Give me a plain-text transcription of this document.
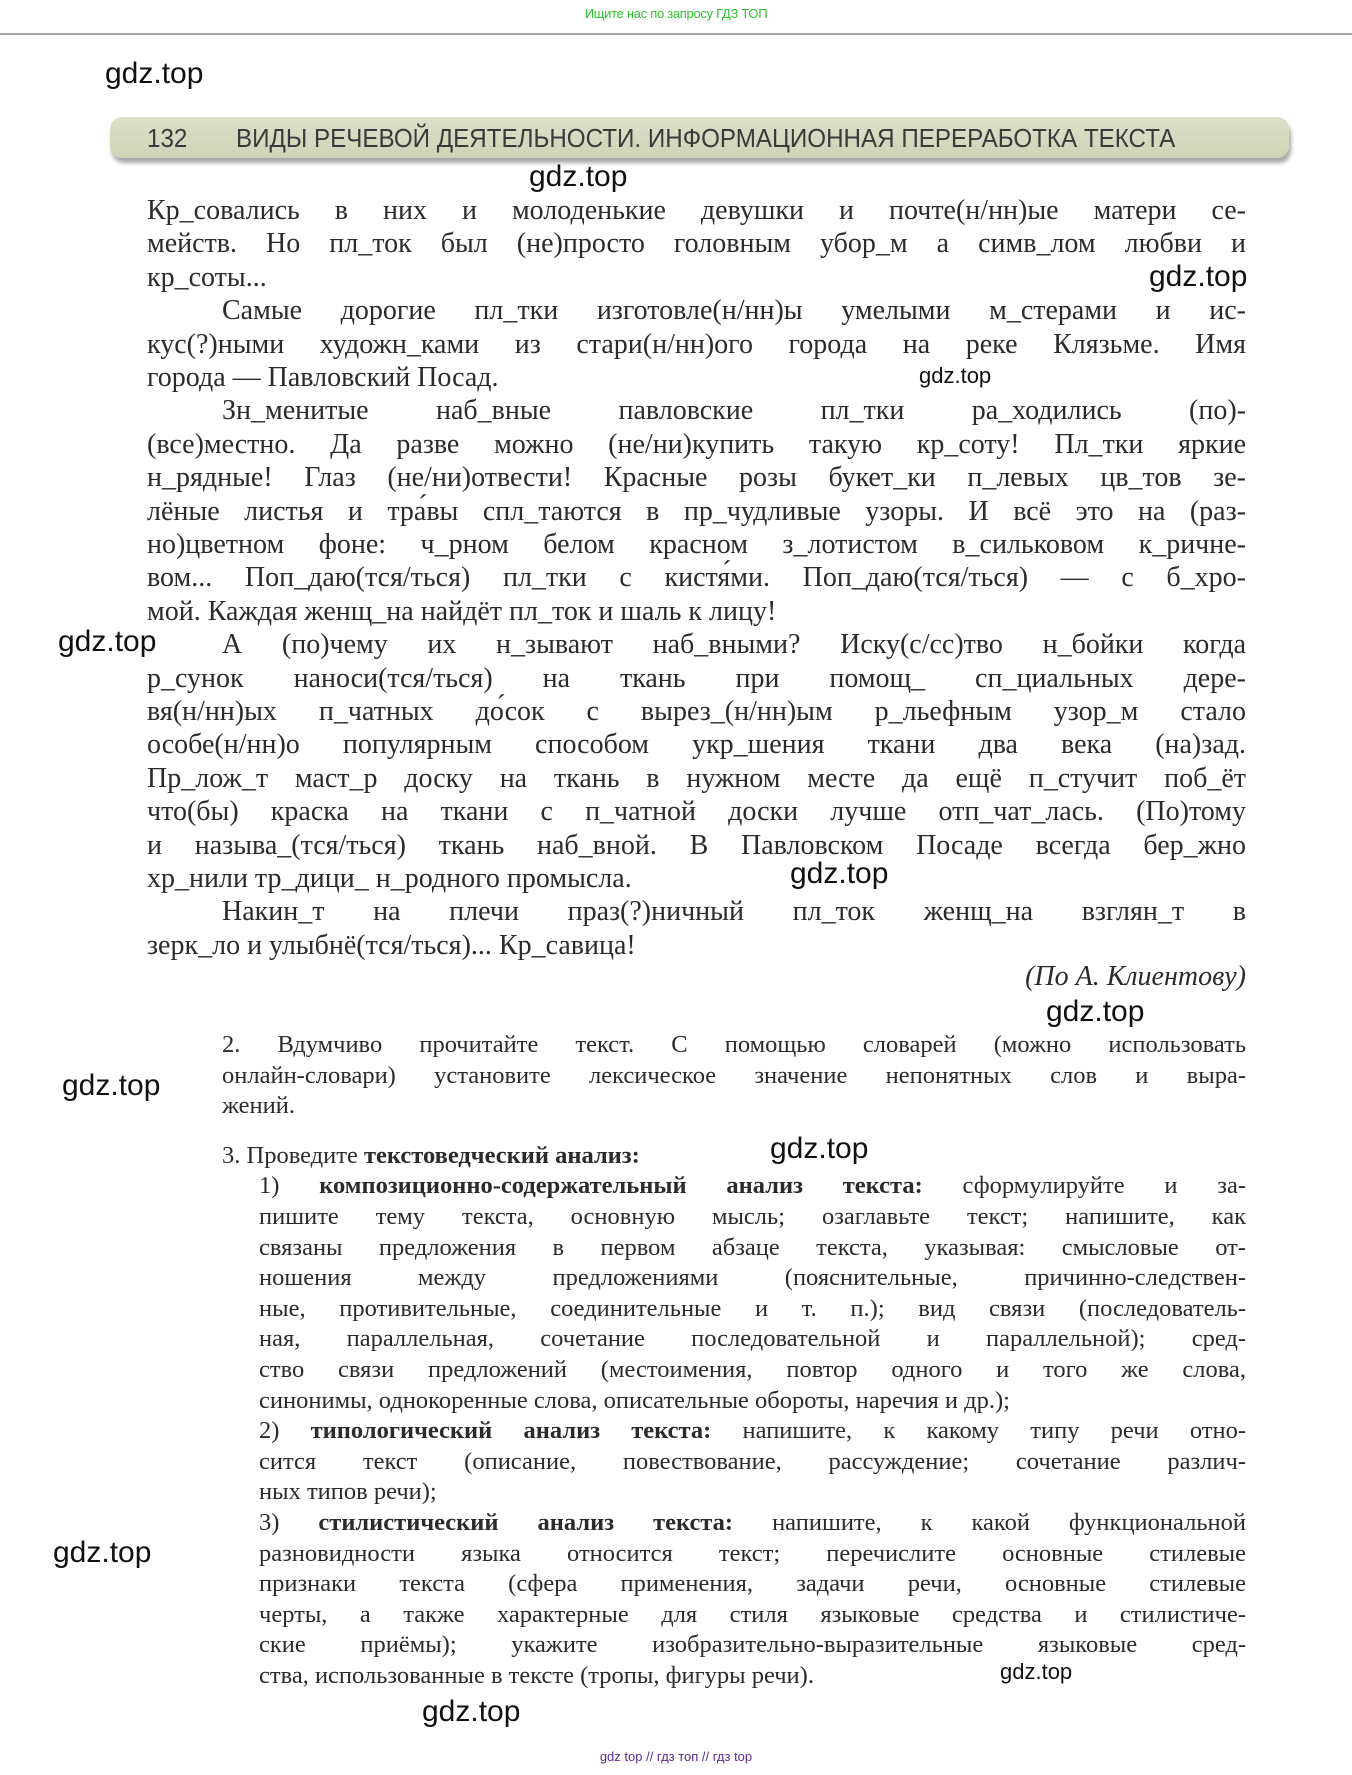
Ищите нас по запросу ГДЗ ТОП
132 ВИДЫ РЕЧЕВОЙ ДЕЯТЕЛЬНОСТИ. ИНФОРМАЦИОННАЯ ПЕРЕРАБОТКА ТЕКСТА
Кр_совались в них и молоденькие девушки и почте(н/нн)ые матери се-
мейств. Но пл_ток был (не)просто головным убор_м а симв_лом любви и
кр_соты...
Самые дорогие пл_тки изготовле(н/нн)ы умелыми м_стерами и ис-
кус(?)ными художн_ками из стари(н/нн)ого города на реке Клязьме. Имя
города — Павловский Посад.
Зн_менитые наб_вные павловские пл_тки ра_ходились (по)-
(все)местно. Да разве можно (не/ни)купить такую кр_соту! Пл_тки яркие
н_рядные! Глаз (не/ни)отвести! Красные розы букет_ки п_левых цв_тов зе-
лёные листья и тра́вы спл_таются в пр_чудливые узоры. И всё это на (раз-
но)цветном фоне: ч_рном белом красном з_лотистом в_сильковом к_ричне-
вом... Поп_даю(тся/ться) пл_тки с кистя́ми. Поп_даю(тся/ться) — с б_хро-
мой. Каждая женщ_на найдёт пл_ток и шаль к лицу!
А (по)чему их н_зывают наб_вными? Иску(с/сс)тво н_бойки когда
р_сунок наноси(тся/ться) на ткань при помощ_ сп_циальных дере-
вя(н/нн)ых п_чатных до́сок с вырез_(н/нн)ым р_льефным узор_м стало
особе(н/нн)о популярным способом укр_шения ткани два века (на)зад.
Пр_лож_т маст_р доску на ткань в нужном месте да ещё п_стучит поб_ёт
что(бы) краска на ткани с п_чатной доски лучше отп_чат_лась. (По)тому
и называ_(тся/ться) ткань наб_вной. В Павловском Посаде всегда бер_жно
хр_нили тр_дици_ н_родного промысла.
Накин_т на плечи праз(?)ничный пл_ток женщ_на взглян_т в
зерк_ло и улыбнё(тся/ться)... Кр_савица!
(По А. Клиентову)
2. Вдумчиво прочитайте текст. С помощью словарей (можно использовать
онлайн-словари) установите лексическое значение непонятных слов и выра-
жений.
3. Проведите текстоведческий анализ:
1) композиционно-содержательный анализ текста: сформулируйте и за-
пишите тему текста, основную мысль; озаглавьте текст; напишите, как
связаны предложения в первом абзаце текста, указывая: смысловые от-
ношения между предложениями (пояснительные, причинно-следствен-
ные, противительные, соединительные и т. п.); вид связи (последователь-
ная, параллельная, сочетание последовательной и параллельной); сред-
ство связи предложений (местоимения, повтор одного и того же слова,
синонимы, однокоренные слова, описательные обороты, наречия и др.);
2) типологический анализ текста: напишите, к какому типу речи отно-
сится текст (описание, повествование, рассуждение; сочетание различ-
ных типов речи);
3) стилистический анализ текста: напишите, к какой функциональной
разновидности языка относится текст; перечислите основные стилевые
признаки текста (сфера применения, задачи речи, основные стилевые
черты, а также характерные для стиля языковые средства и стилистиче-
ские приёмы); укажите изобразительно-выразительные языковые сред-
ства, использованные в тексте (тропы, фигуры речи).
gdz.top
gdz.top
gdz.top
gdz.top
gdz.top
gdz.top
gdz.top
gdz.top
gdz.top
gdz.top
gdz.top
gdz.top
gdz top // гдз топ // гдз top
